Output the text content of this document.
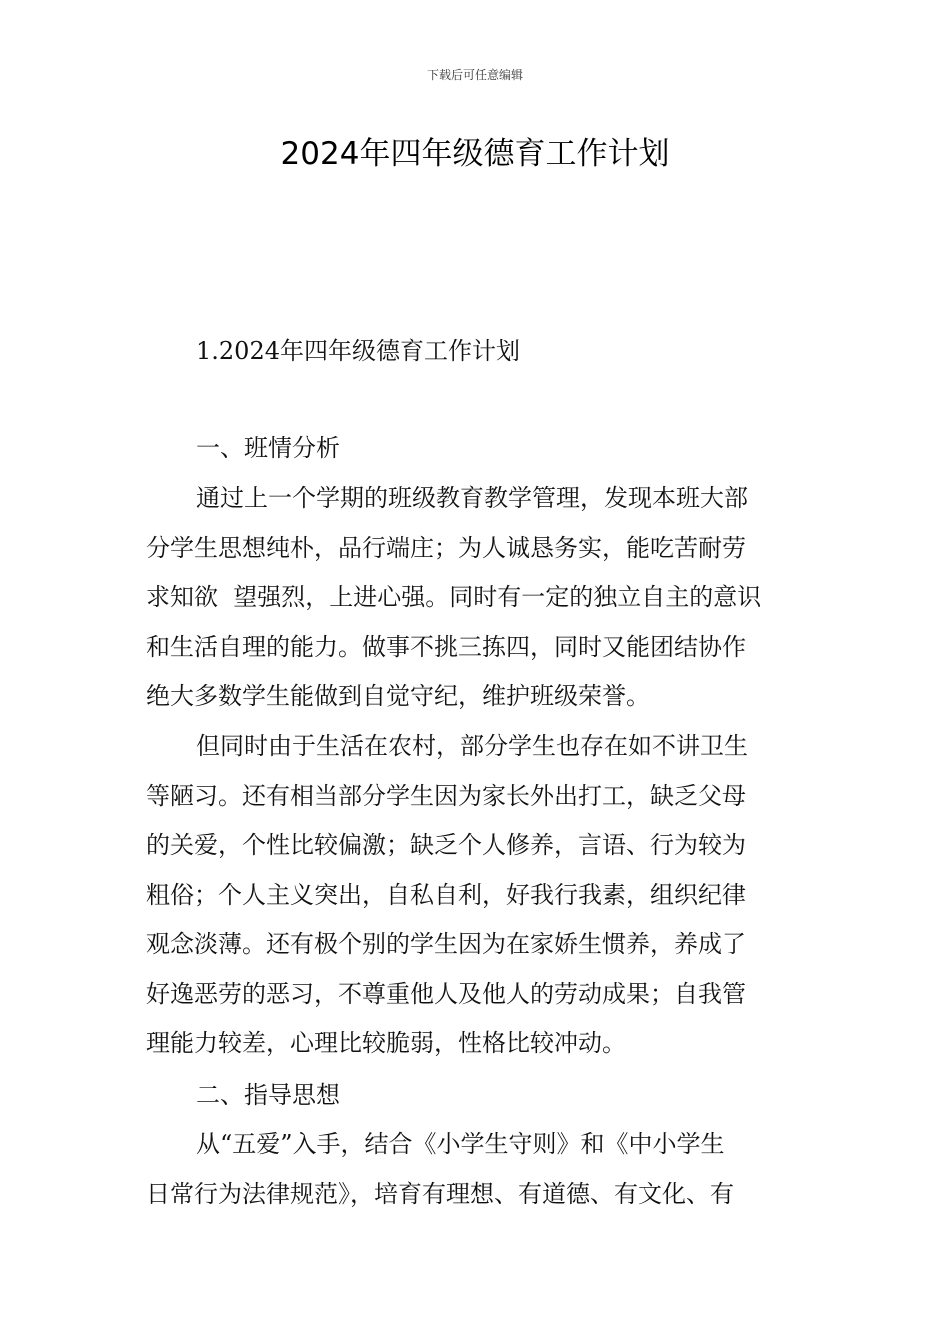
下载后可任意编辑
2024年四年级德育工作计划
1.2024年四年级德育工作计划
一、班情分析
通过上一个学期的班级教育教学管理，发现本班大部
分学生思想纯朴，品行端庄；为人诚恳务实，能吃苦耐劳
求知欲  望强烈，上进心强。同时有一定的独立自主的意识
和生活自理的能力。做事不挑三拣四，同时又能团结协作
绝大多数学生能做到自觉守纪，维护班级荣誉。
但同时由于生活在农村，部分学生也存在如不讲卫生
等陋习。还有相当部分学生因为家长外出打工，缺乏父母
的关爱，个性比较偏激；缺乏个人修养，言语、行为较为
粗俗；个人主义突出，自私自利，好我行我素，组织纪律
观念淡薄。还有极个别的学生因为在家娇生惯养，养成了
好逸恶劳的恶习，不尊重他人及他人的劳动成果；自我管
理能力较差，心理比较脆弱，性格比较冲动。
二、指导思想
从“五爱”入手，结合《小学生守则》和《中小学生
日常行为法律规范》，培育有理想、有道德、有文化、有
